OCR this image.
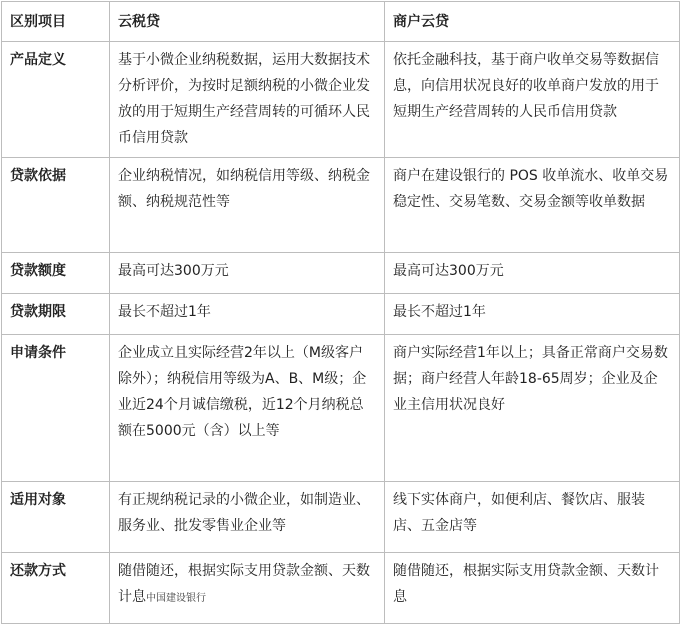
区别项目	云税贷	商户云贷
产品定义	基于小微企业纳税数据，运用大数据技术分析评价，为按时足额纳税的小微企业发放的用于短期生产经营周转的可循环人民币信用贷款	依托金融科技，基于商户收单交易等数据信息，向信用状况良好的收单商户发放的用于短期生产经营周转的人民币信用贷款
贷款依据	企业纳税情况，如纳税信用等级、纳税金额、纳税规范性等	商户在建设银行的 POS 收单流水、收单交易稳定性、交易笔数、交易金额等收单数据
贷款额度	最高可达300万元	最高可达300万元
贷款期限	最长不超过1年	最长不超过1年
申请条件	企业成立且实际经营2年以上（M级客户除外）；纳税信用等级为A、B、M级；企业近24个月诚信缴税，近12个月纳税总额在5000元（含）以上等	商户实际经营1年以上；具备正常商户交易数据；商户经营人年龄18-65周岁；企业及企业主信用状况良好
适用对象	有正规纳税记录的小微企业，如制造业、服务业、批发零售业企业等	线下实体商户，如便利店、餐饮店、服装店、五金店等
还款方式	随借随还，根据实际支用贷款金额、天数计息中国建设银行	随借随还，根据实际支用贷款金额、天数计息
